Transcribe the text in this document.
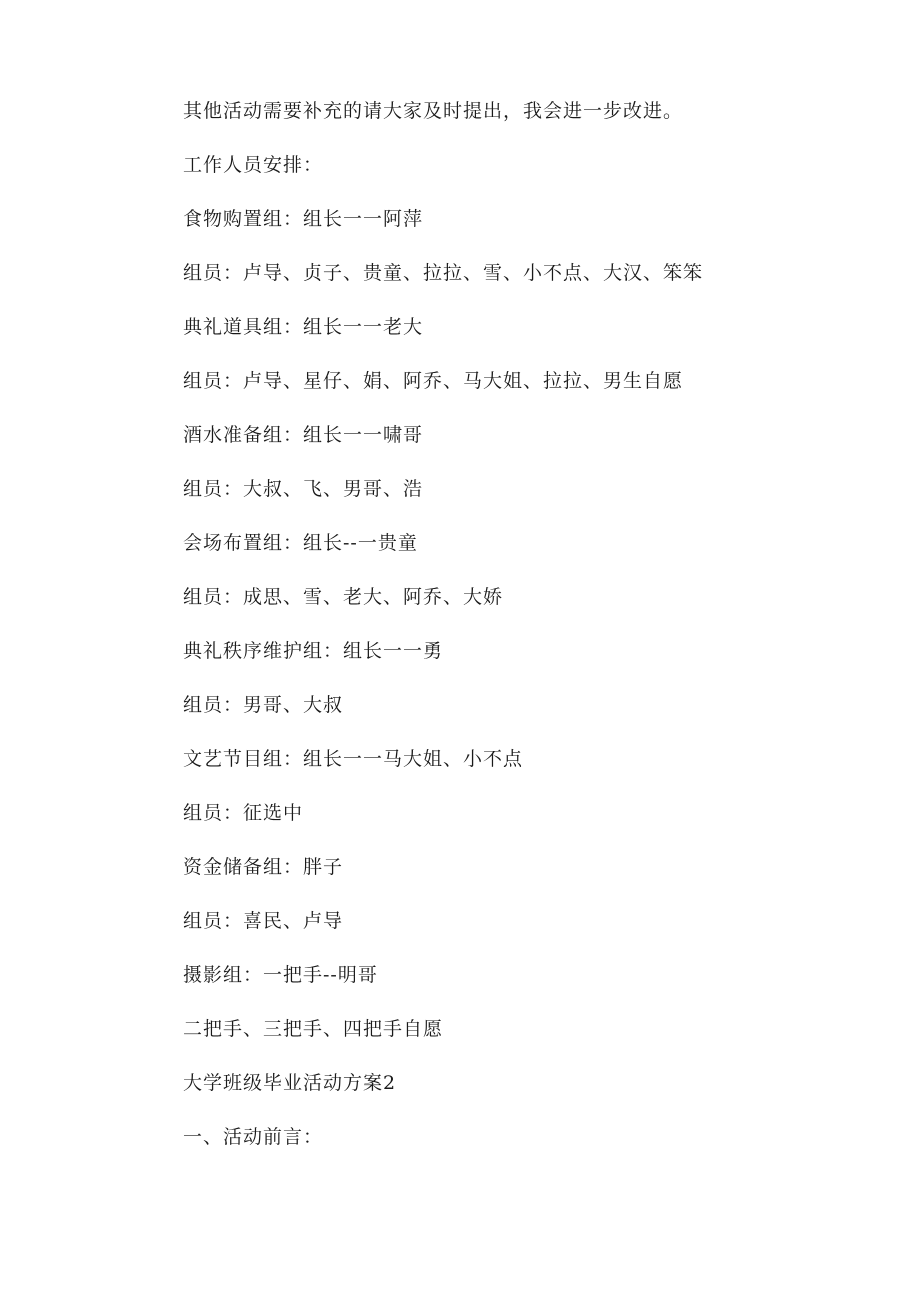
其他活动需要补充的请大家及时提出，我会进一步改进。
工作人员安排：
食物购置组：组长一一阿萍
组员：卢导、贞子、贵童、拉拉、雪、小不点、大汉、笨笨
典礼道具组：组长一一老大
组员：卢导、星仔、娟、阿乔、马大姐、拉拉、男生自愿
酒水准备组：组长一一啸哥
组员：大叔、飞、男哥、浩
会场布置组：组长--一贵童
组员：成思、雪、老大、阿乔、大娇
典礼秩序维护组：组长一一勇
组员：男哥、大叔
文艺节目组：组长一一马大姐、小不点
组员：征选中
资金储备组：胖子
组员：喜民、卢导
摄影组：一把手--明哥
二把手、三把手、四把手自愿
大学班级毕业活动方案2
一、活动前言：
